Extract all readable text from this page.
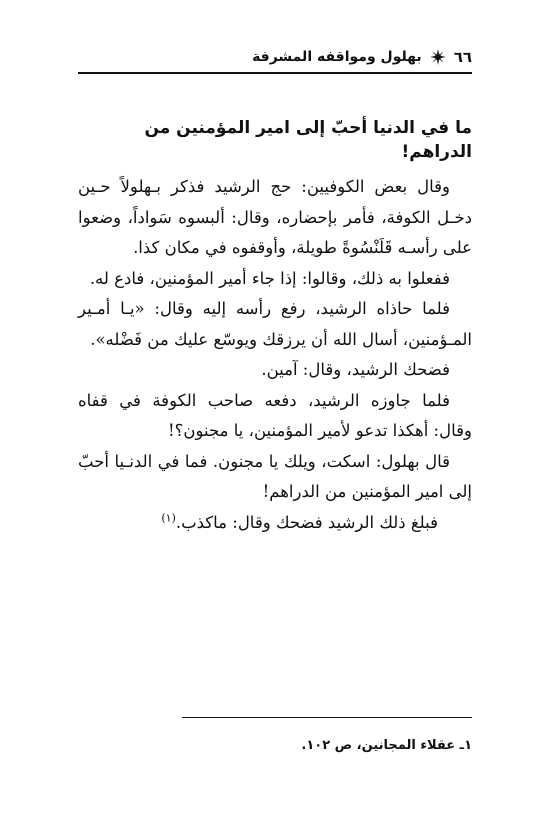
٦٦
بهلول ومواقفه المشرفة
ما في الدنيا أحبّ إلى امير المؤمنين من الدراهم!

وقال بعض الكوفيين: حج الرشيد فذكر بـهلولاً حـين دخـل الكوفة، فأمر بإحضاره، وقال: ألبسوه سَواداً، وضعوا على رأسـه قَلَنْسُوةً طويلة، وأوقفوه في مكان كذا.

ففعلوا به ذلك، وقالوا: إذا جاء أمير المؤمنين، فادع له.

فلما حاذاه الرشيد، رفع رأسه إليه وقال: «يـا أمـير المـؤمنين، أسال الله أن يرزقك ويوسّع عليك من فَضْله».

فضحك الرشيد، وقال: آمين.

فلما جاوزه الرشيد، دفعه صاحب الكوفة في قفاه وقال: أهكذا تدعو لأمير المؤمنين، يا مجنون؟!

قال بهلول: اسكت، ويلك يا مجنون. فما في الدنـيا أحبّ إلى امير المؤمنين من الدراهم!

فبلغ ذلك الرشيد فضحك وقال: ماكذب.$^{(١)}$

١ـ عقلاء المجانين، ص ١٠٢.
